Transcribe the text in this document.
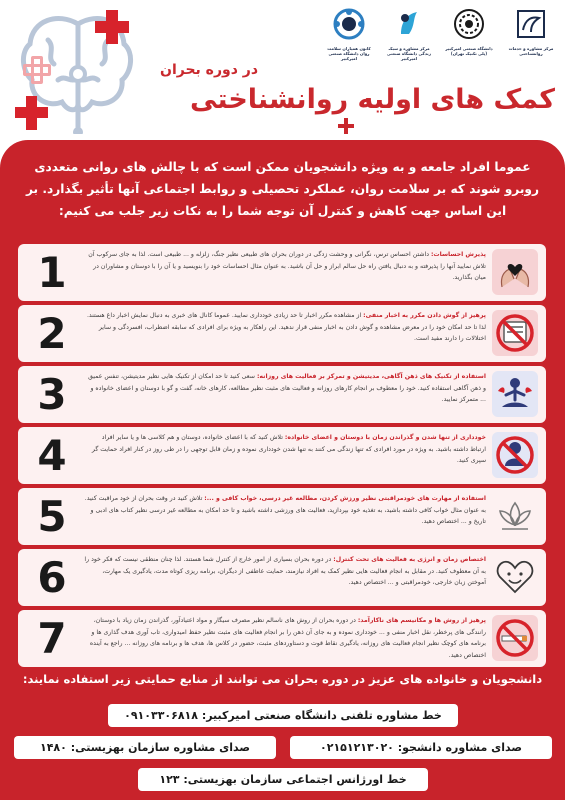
کانون همیاران سلامت روان دانشگاه صنعتی امیرکبیر
مرکز مشاوره و سبک زندگی دانشگاه صنعتی امیرکبیر
دانشگاه صنعتی امیرکبیر (پلی تکنیک تهران)
مرکز مشاوره و خدمات روانشناختی
در دوره بحران
کمک های اولیه روانشناختی
عموما افراد جامعه و به ویژه دانشجویان ممکن است که با چالش های روانی متعددی روبرو شوند که بر سلامت روان، عملکرد تحصیلی و روابط اجتماعی آنها تأثیر بگذارد. بر این اساس جهت کاهش و کنترل آن توجه شما را به نکات زیر جلب می کنیم:
1	پذیرش احساسات: داشتن احساس ترس، نگرانی و وحشت زدگی در دوران بحران های طبیعی نظیر جنگ، زلزله و ... طبیعی است. لذا به جای سرکوب آن تلاش نمایید آنها را پذیرفته و به دنبال یافتن راه حل سالم ابراز و حل آن باشید. به عنوان مثال احساسات خود را بنویسید و یا آن را با دوستان و مشاوران در میان بگذارید.
2	پرهیز از گوش دادن مکرر به اخبار منفی: از مشاهده مکرر اخبار تا حد زیادی خودداری نمایید. عموما کانال های خبری به دنبال نمایش اخبار داغ هستند. لذا تا حد امکان خود را در معرض مشاهده و گوش دادن به اخبار منفی قرار ندهید. این راهکار به ویژه برای افرادی که سابقه اضطراب، افسردگی و سایر اختلالات را دارند مفید است.
3	استفاده از تکنیک های ذهن آگاهی، مدیتیشن و تمرکز بر فعالیت های روزانه: سعی کنید تا حد امکان از تکنیک هایی نظیر مدیتیشن، تنفس عمیق و ذهن آگاهی استفاده کنید. خود را معطوف بر انجام کارهای روزانه و فعالیت های مثبت نظیر مطالعه، کارهای خانه، گفت و گو با دوستان و اعضای خانواده و ... متمرکز نمایید.
4	خودداری از تنها شدن و گذراندن زمان با دوستان و اعضای خانواده: تلاش کنید که با اعضای خانواده، دوستان و هم کلاسی ها و یا سایر افراد ارتباط داشته باشید. به ویژه در مورد افرادی که تنها زندگی می کنند به تنها شدن خودداری نموده و زمان قابل توجهی را در طی روز در کنار افراد حمایت گر سپری کنید.
5	استفاده از مهارت های خودمراقبتی نظیر ورزش کردن، مطالعه غیر درسی، خواب کافی و ...: تلاش کنید در وقت بحران از خود مراقبت کنید. به عنوان مثال خواب کافی داشته باشید، به تغذیه خود بپردازید، فعالیت های ورزشی داشته باشید و تا حد امکان به مطالعه غیر درسی نظیر کتاب های ادبی و تاریخ و ... اختصاص دهید.
6	اختصاص زمان و انرژی به فعالیت های تحت کنترل: در دوره بحران بسیاری از امور خارج از کنترل شما هستند. لذا چنان منطقی نیست که فکر خود را به آن معطوف کنید. در مقابل به انجام فعالیت هایی نظیر کمک به افراد نیازمند، حمایت عاطفی از دیگران، برنامه ریزی کوتاه مدت، یادگیری یک مهارت، آموختن زبان خارجی، خودمراقبتی و ... اختصاص دهید.
7	پرهیز از روش ها و مکانیسم های ناکارآمد: در دوره بحران از روش های ناسالم نظیر مصرف سیگار و مواد اعتیادآور، گذراندن زمان زیاد با دوستان، رانندگی های پرخطر، نقل اخبار منفی و ... خودداری نموده و به جای آن ذهن را بر انجام فعالیت های مثبت نظیر حفظ امیدواری، تاب آوری هدف گذاری ها و برنامه های کوچک نظیر انجام فعالیت های روزانه، یادگیری نقاط قوت و دستاوردهای مثبت، حضور در کلاس ها، هدف ها و برنامه های روزانه ... راجع به آینده اختصاص دهید.
دانشجویان و خانواده های عزیز در دوره بحران می توانند از منابع حمایتی زیر استفاده نمایند:
خط مشاوره تلفنی دانشگاه صنعتی امیرکبیر: ۰۹۱۰۳۳۰۶۸۱۸
صدای مشاوره سازمان بهزیستی: ۱۴۸۰	صدای مشاوره دانشجو: ۰۲۱۵۱۲۱۳۰۲۰
خط اورژانس اجتماعی سازمان بهزیستی: ۱۲۳
